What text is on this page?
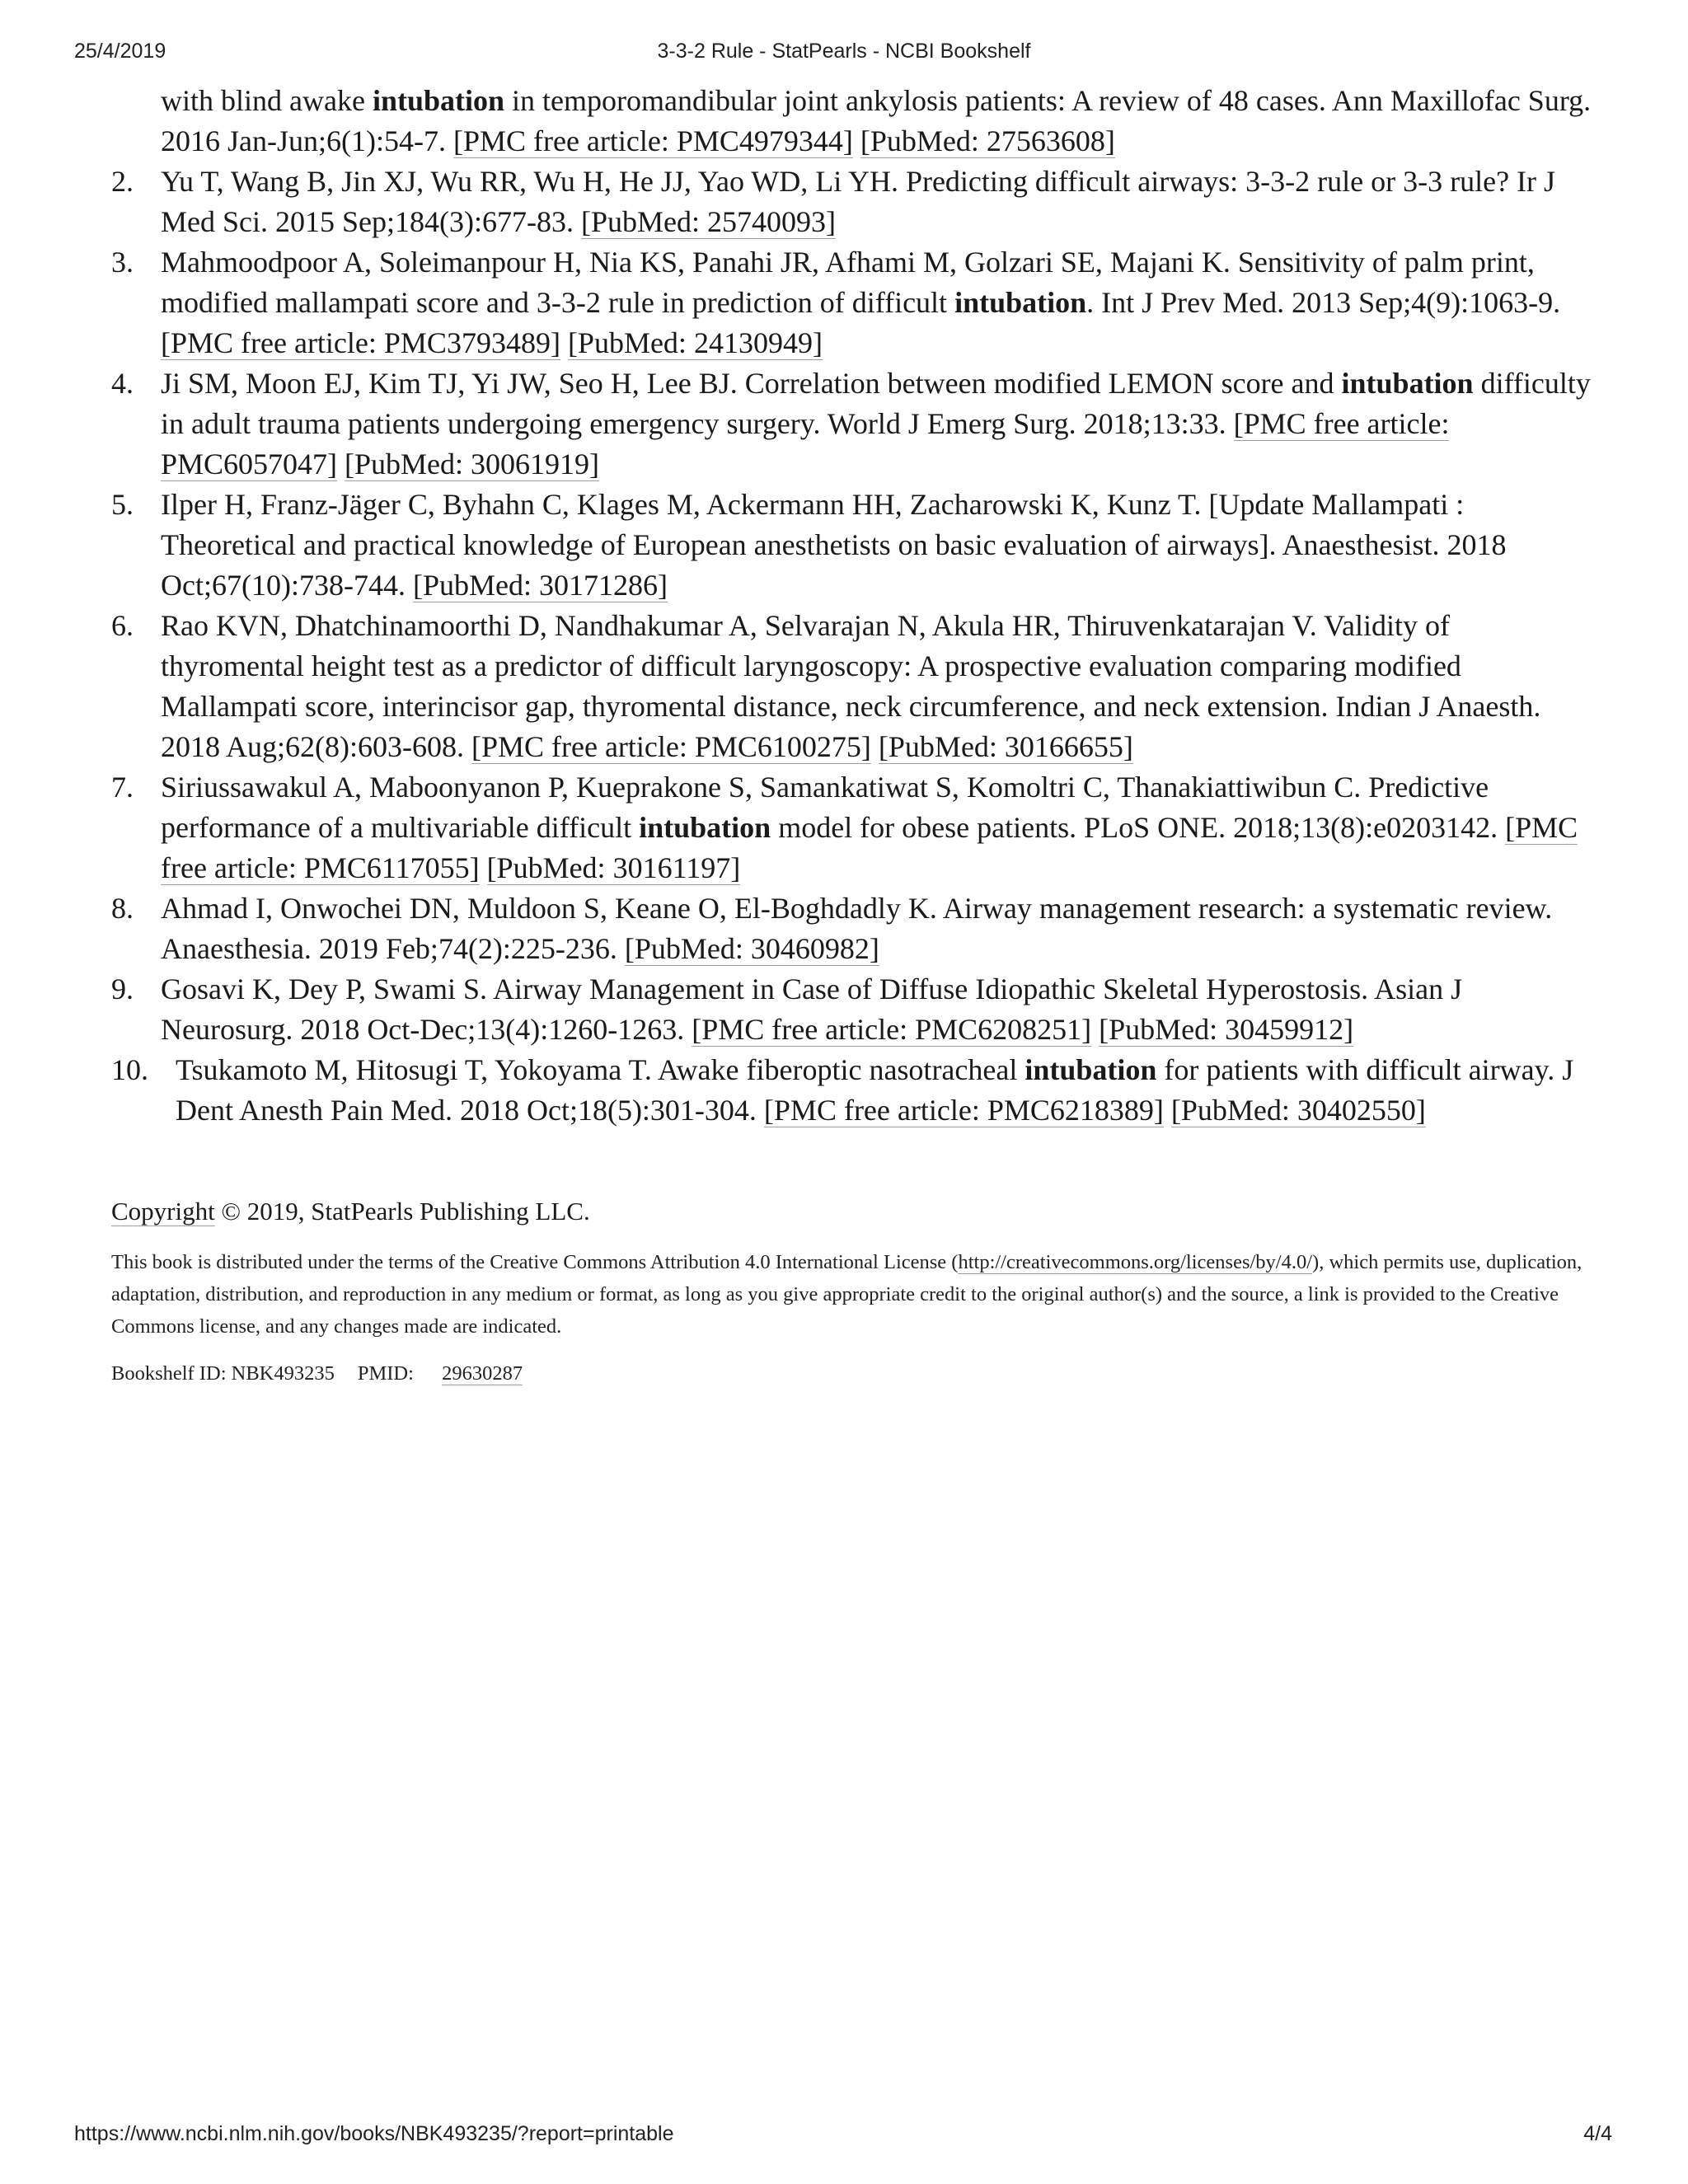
25/4/2019	3-3-2 Rule - StatPearls - NCBI Bookshelf
with blind awake intubation in temporomandibular joint ankylosis patients: A review of 48 cases. Ann Maxillofac Surg. 2016 Jan-Jun;6(1):54-7. [PMC free article: PMC4979344] [PubMed: 27563608]
2. Yu T, Wang B, Jin XJ, Wu RR, Wu H, He JJ, Yao WD, Li YH. Predicting difficult airways: 3-3-2 rule or 3-3 rule? Ir J Med Sci. 2015 Sep;184(3):677-83. [PubMed: 25740093]
3. Mahmoodpoor A, Soleimanpour H, Nia KS, Panahi JR, Afhami M, Golzari SE, Majani K. Sensitivity of palm print, modified mallampati score and 3-3-2 rule in prediction of difficult intubation. Int J Prev Med. 2013 Sep;4(9):1063-9. [PMC free article: PMC3793489] [PubMed: 24130949]
4. Ji SM, Moon EJ, Kim TJ, Yi JW, Seo H, Lee BJ. Correlation between modified LEMON score and intubation difficulty in adult trauma patients undergoing emergency surgery. World J Emerg Surg. 2018;13:33. [PMC free article: PMC6057047] [PubMed: 30061919]
5. Ilper H, Franz-Jäger C, Byhahn C, Klages M, Ackermann HH, Zacharowski K, Kunz T. [Update Mallampati : Theoretical and practical knowledge of European anesthetists on basic evaluation of airways]. Anaesthesist. 2018 Oct;67(10):738-744. [PubMed: 30171286]
6. Rao KVN, Dhatchinamoorthi D, Nandhakumar A, Selvarajan N, Akula HR, Thiruvenkatarajan V. Validity of thyromental height test as a predictor of difficult laryngoscopy: A prospective evaluation comparing modified Mallampati score, interincisor gap, thyromental distance, neck circumference, and neck extension. Indian J Anaesth. 2018 Aug;62(8):603-608. [PMC free article: PMC6100275] [PubMed: 30166655]
7. Siriussawakul A, Maboonyanon P, Kueprakone S, Samankatiwat S, Komoltri C, Thanakiattiwibun C. Predictive performance of a multivariable difficult intubation model for obese patients. PLoS ONE. 2018;13(8):e0203142. [PMC free article: PMC6117055] [PubMed: 30161197]
8. Ahmad I, Onwochei DN, Muldoon S, Keane O, El-Boghdadly K. Airway management research: a systematic review. Anaesthesia. 2019 Feb;74(2):225-236. [PubMed: 30460982]
9. Gosavi K, Dey P, Swami S. Airway Management in Case of Diffuse Idiopathic Skeletal Hyperostosis. Asian J Neurosurg. 2018 Oct-Dec;13(4):1260-1263. [PMC free article: PMC6208251] [PubMed: 30459912]
10. Tsukamoto M, Hitosugi T, Yokoyama T. Awake fiberoptic nasotracheal intubation for patients with difficult airway. J Dent Anesth Pain Med. 2018 Oct;18(5):301-304. [PMC free article: PMC6218389] [PubMed: 30402550]
Copyright © 2019, StatPearls Publishing LLC.
This book is distributed under the terms of the Creative Commons Attribution 4.0 International License (http://creativecommons.org/licenses/by/4.0/), which permits use, duplication, adaptation, distribution, and reproduction in any medium or format, as long as you give appropriate credit to the original author(s) and the source, a link is provided to the Creative Commons license, and any changes made are indicated.
Bookshelf ID: NBK493235 PMID: 29630287
https://www.ncbi.nlm.nih.gov/books/NBK493235/?report=printable	4/4
